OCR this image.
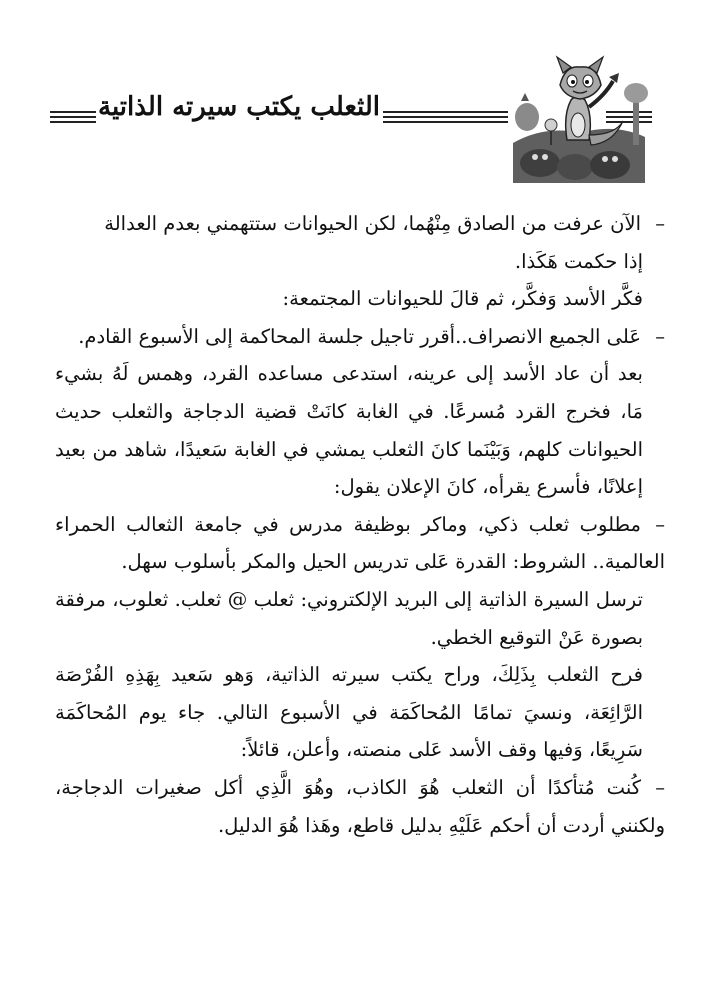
الثعلب يكتب سيرته الذاتية

–الآن عرفت من الصادق مِنْهُما، لكن الحيوانات ستتهمني بعدم العدالة

إذا حكمت هَكَذا.

فكَّر الأسد وَفكَّر، ثم قالَ للحيوانات المجتمعة:

–عَلى الجميع الانصراف..أقرر تاجيل جلسة المحاكمة إلى الأسبوع القادم.

بعد أن عاد الأسد إلى عرينه، استدعى مساعده القرد، وهمس لَهُ بشيء مَا، فخرج القرد مُسرعًا. في الغابة كانَتْ قضية الدجاجة والثعلب حديث الحيوانات كلهم، وَبَيْنَما كانَ الثعلب يمشي في الغابة سَعيدًا، شاهد من بعيد إعلانًا، فأسرع يقرأه، كانَ الإعلان يقول:

–مطلوب ثعلب ذكي، وماكر بوظيفة مدرس في جامعة الثعالب الحمراء العالمية.. الشروط: القدرة عَلى تدريس الحيل والمكر بأسلوب سهل.

ترسل السيرة الذاتية إلى البريد الإلكتروني: ثعلب @ ثعلب. ثعلوب، مرفقة بصورة عَنْ التوقيع الخطي.

فرح الثعلب بِذَلِكَ، وراح يكتب سيرته الذاتية، وَهو سَعيد بِهَذِهِ الفُرْصَة الرَّائِعَة، ونسيَ تمامًا المُحاكَمَة في الأسبوع التالي. جاء يوم المُحاكَمَة سَرِيعًا، وَفيها وقف الأسد عَلى منصته، وأعلن، قائلاً:

–كُنت مُتأكدًا أن الثعلب هُوَ الكاذب، وهُوَ الَّذِي أكل صغيرات الدجاجة، ولكنني أردت أن أحكم عَلَيْهِ بدليل قاطع، وهَذا هُوَ الدليل.
